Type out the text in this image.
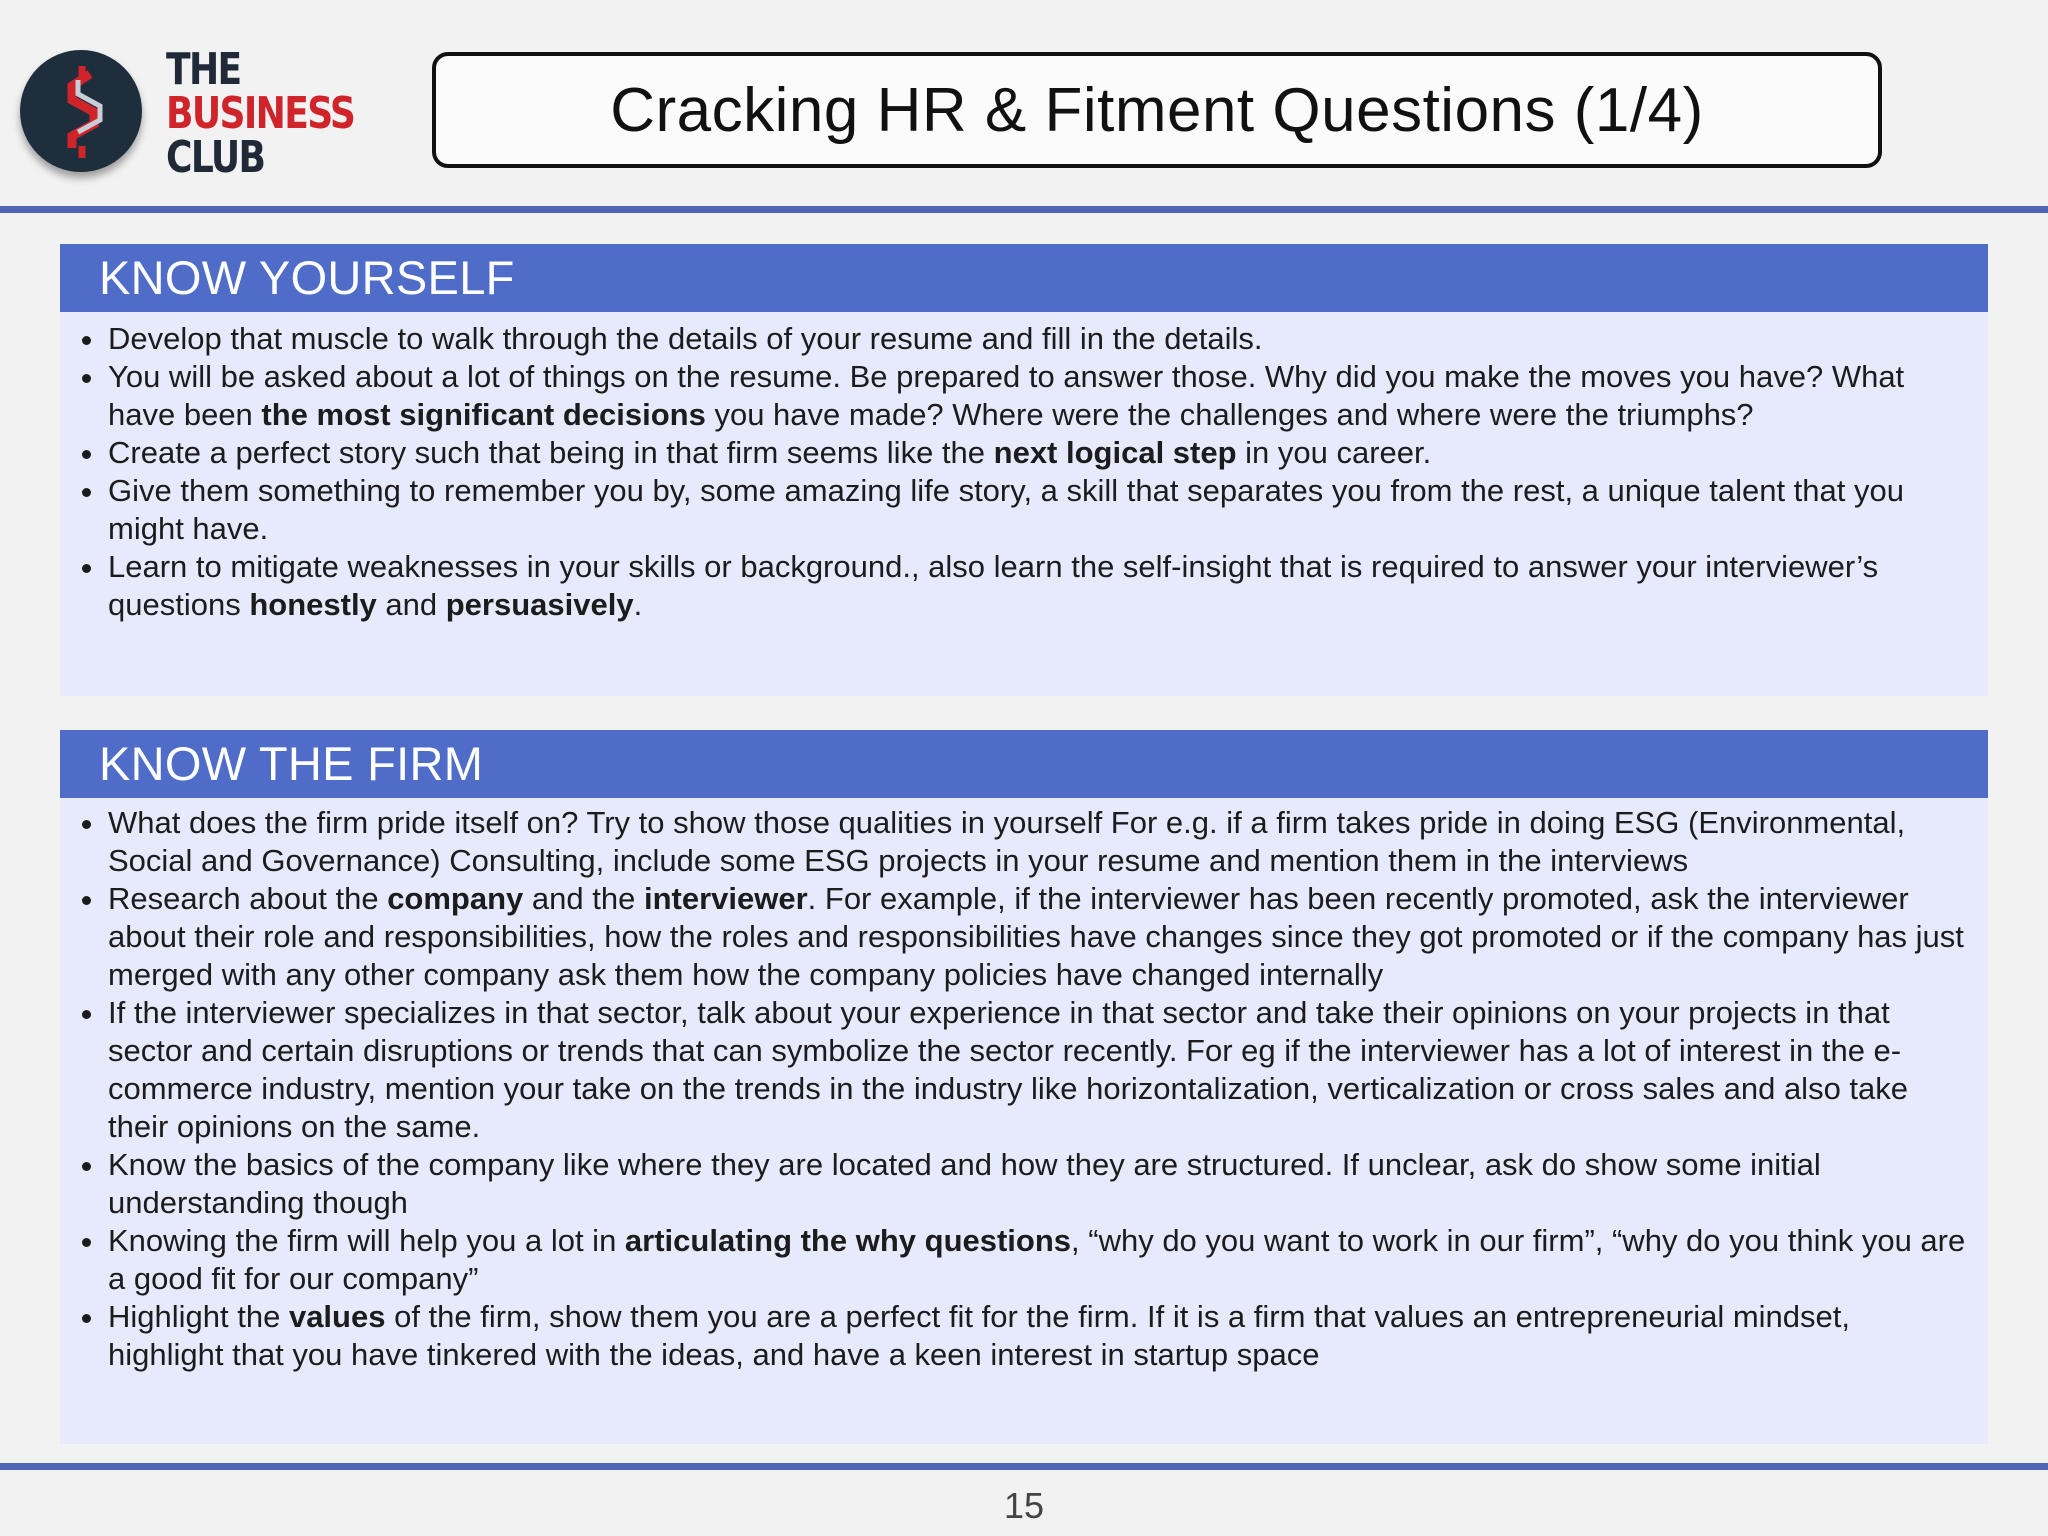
THE
BUSINESS
CLUB
Cracking HR & Fitment Questions (1/4)
KNOW YOURSELF
Develop that muscle to walk through the details of your resume and fill in the details.
You will be asked about a lot of things on the resume. Be prepared to answer those. Why did you make the moves you have? What have been the most significant decisions you have made? Where were the challenges and where were the triumphs?
Create a perfect story such that being in that firm seems like the next logical step in you career.
Give them something to remember you by, some amazing life story, a skill that separates you from the rest, a unique talent that you might have.
Learn to mitigate weaknesses in your skills or background., also learn the self-insight that is required to answer your interviewer’s questions honestly and persuasively.
KNOW THE FIRM
What does the firm pride itself on? Try to show those qualities in yourself For e.g. if a firm takes pride in doing ESG (Environmental, Social and Governance) Consulting, include some ESG projects in your resume and mention them in the interviews
Research about the company and the interviewer. For example, if the interviewer has been recently promoted, ask the interviewer about their role and responsibilities, how the roles and responsibilities have changes since they got promoted or if the company has just merged with any other company ask them how the company policies have changed internally
If the interviewer specializes in that sector, talk about your experience in that sector and take their opinions on your projects in that sector and certain disruptions or trends that can symbolize the sector recently. For eg if the interviewer has a lot of interest in the e-commerce industry, mention your take on the trends in the industry like horizontalization, verticalization or cross sales and also take their opinions on the same.
Know the basics of the company like where they are located and how they are structured. If unclear, ask do show some initial understanding though
Knowing the firm will help you a lot in articulating the why questions, “why do you want to work in our firm”, “why do you think you are a good fit for our company”
Highlight the values of the firm, show them you are a perfect fit for the firm. If it is a firm that values an entrepreneurial mindset, highlight that you have tinkered with the ideas, and have a keen interest in startup space
15
